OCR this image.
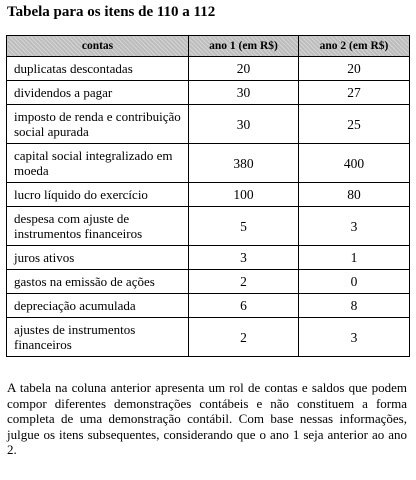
Tabela para os itens de 110 a 112
contas	ano 1 (em R$)	ano 2 (em R$)
duplicatas descontadas	20	20
dividendos a pagar	30	27
imposto de renda e contribuição social apurada	30	25
capital social integralizado em moeda	380	400
lucro líquido do exercício	100	80
despesa com ajuste de instrumentos financeiros	5	3
juros ativos	3	1
gastos na emissão de ações	2	0
depreciação acumulada	6	8
ajustes de instrumentos financeiros	2	3

A tabela na coluna anterior apresenta um rol de contas e saldos que podem compor diferentes demonstrações contábeis e não constituem a forma completa de uma demonstração contábil. Com base nessas informações, julgue os itens subsequentes, considerando que o ano 1 seja anterior ao ano 2.
